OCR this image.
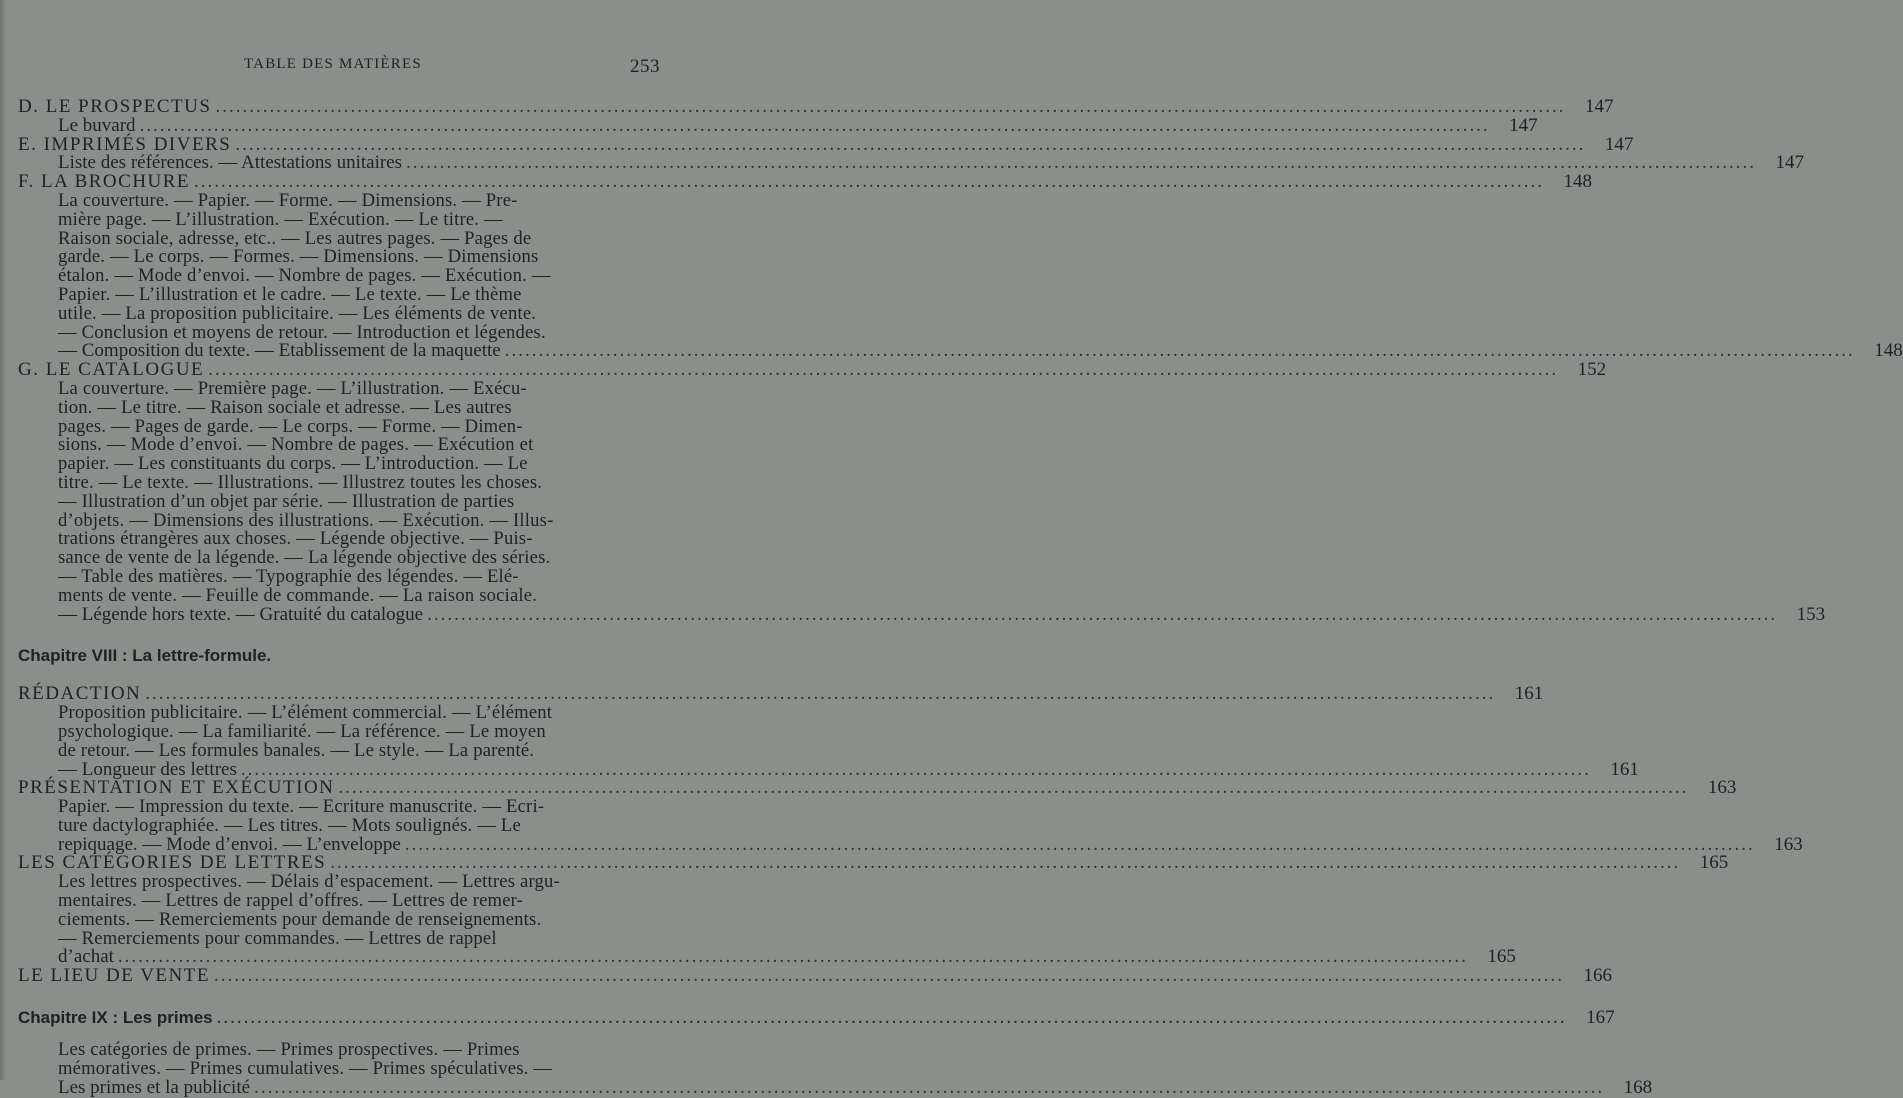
TABLE DES MATIÈRES	253
D. LE PROSPECTUS ........................................................................................................................................................................................................	147
Le buvard ........................................................................................................................................................................................................	147
E. IMPRIMÉS DIVERS ........................................................................................................................................................................................................	147
Liste des références. — Attestations unitaires ........................................................................................................................................................................................................	147
F. LA BROCHURE ........................................................................................................................................................................................................	148
La couverture. — Papier. — Forme. — Dimensions. — Pre-
mière page. — L’illustration. — Exécution. — Le titre. —
Raison sociale, adresse, etc.. — Les autres pages. — Pages de
garde. — Le corps. — Formes. — Dimensions. — Dimensions
étalon. — Mode d’envoi. — Nombre de pages. — Exécution. —
Papier. — L’illustration et le cadre. — Le texte. — Le thème
utile. — La proposition publicitaire. — Les éléments de vente.
— Conclusion et moyens de retour. — Introduction et légendes.
— Composition du texte. — Etablissement de la maquette ........................................................................................................................................................................................................	148
G. LE CATALOGUE ........................................................................................................................................................................................................	152
La couverture. — Première page. — L’illustration. — Exécu-
tion. — Le titre. — Raison sociale et adresse. — Les autres
pages. — Pages de garde. — Le corps. — Forme. — Dimen-
sions. — Mode d’envoi. — Nombre de pages. — Exécution et
papier. — Les constituants du corps. — L’introduction. — Le
titre. — Le texte. — Illustrations. — Illustrez toutes les choses.
— Illustration d’un objet par série. — Illustration de parties
d’objets. — Dimensions des illustrations. — Exécution. — Illus-
trations étrangères aux choses. — Légende objective. — Puis-
sance de vente de la légende. — La légende objective des séries.
— Table des matières. — Typographie des légendes. — Elé-
ments de vente. — Feuille de commande. — La raison sociale.
— Légende hors texte. — Gratuité du catalogue ........................................................................................................................................................................................................	153
Chapitre VIII : La lettre-formule.
RÉDACTION ........................................................................................................................................................................................................	161
Proposition publicitaire. — L’élément commercial. — L’élément
psychologique. — La familiarité. — La référence. — Le moyen
de retour. — Les formules banales. — Le style. — La parenté.
— Longueur des lettres ........................................................................................................................................................................................................	161
PRÉSENTATION ET EXÉCUTION ........................................................................................................................................................................................................	163
Papier. — Impression du texte. — Ecriture manuscrite. — Ecri-
ture dactylographiée. — Les titres. — Mots soulignés. — Le
repiquage. — Mode d’envoi. — L’enveloppe ........................................................................................................................................................................................................	163
LES CATÉGORIES DE LETTRES ........................................................................................................................................................................................................	165
Les lettres prospectives. — Délais d’espacement. — Lettres argu-
mentaires. — Lettres de rappel d’offres. — Lettres de remer-
ciements. — Remerciements pour demande de renseignements.
— Remerciements pour commandes. — Lettres de rappel
d’achat ........................................................................................................................................................................................................	165
LE LIEU DE VENTE ........................................................................................................................................................................................................	166
Chapitre IX : Les primes ........................................................................................................................................................................................................	167
Les catégories de primes. — Primes prospectives. — Primes
mémoratives. — Primes cumulatives. — Primes spéculatives. —
Les primes et la publicité ........................................................................................................................................................................................................	168
